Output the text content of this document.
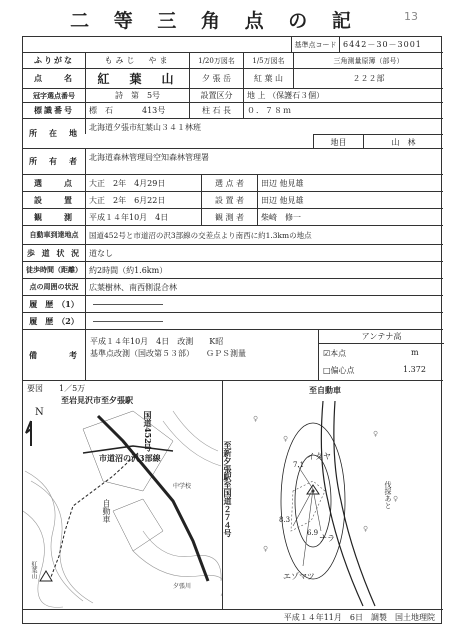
二 等 三 角 点 の 記	13
基準点コード 6442－30－3001
ふりがな	もみじ　やま	1/20万図名	1/5万図名	三角測量原簿（部号）
点　　名	紅　葉　山	夕 張 岳	紅 葉 山	２２２部
冠字選点番号	詩　第　5号	設置区分	地 上 （保護石３個）
標識番号	標　石	413号	柱 石 長	０．７８ｍ
所　在　地
北海道夕張市紅葉山３４１林班
地目	山　林
所　有　者	北海道森林管理局空知森林管理署
選　　点	大正　2年　4月29日	選 点 者	田辺 他見雄
設　　置	大正　2年　6月22日	設 置 者	田辺 他見雄
観　　測	平成１４年10月　4日	観 測 者	柴崎　修一
自動車到達地点	国道452号と市道沼の沢3部線の交差点より南西に約1.3kmの地点
歩 道 状 況 道なし
徒歩時間（距離） 約2時間（約1.6km）
点の周囲の状況	広葉樹林、南西側混合林
履　歴　（1）
履　歴　（2）
備　　　考
平成１４年10月　4日　改測　　K昭
基準点改測（国改第５３部）　　ＧＰＳ測量
アンテナ高
☑本点	m
□偏心点	1.372
要図　　1／5万
至岩見沢市至夕張駅
N
市道沼の沢3部線
自動車
国道452号
紅葉山
中学校
夕張川
♀
♀
♀
♀
♀
♀
至自動車
至新夕張駅至国道２７４号	イタヤ
ナラ
エゾマツ
伐採あと
7.1
6.9
8.3
平成１４年11月　6日 調製 国土地理院
